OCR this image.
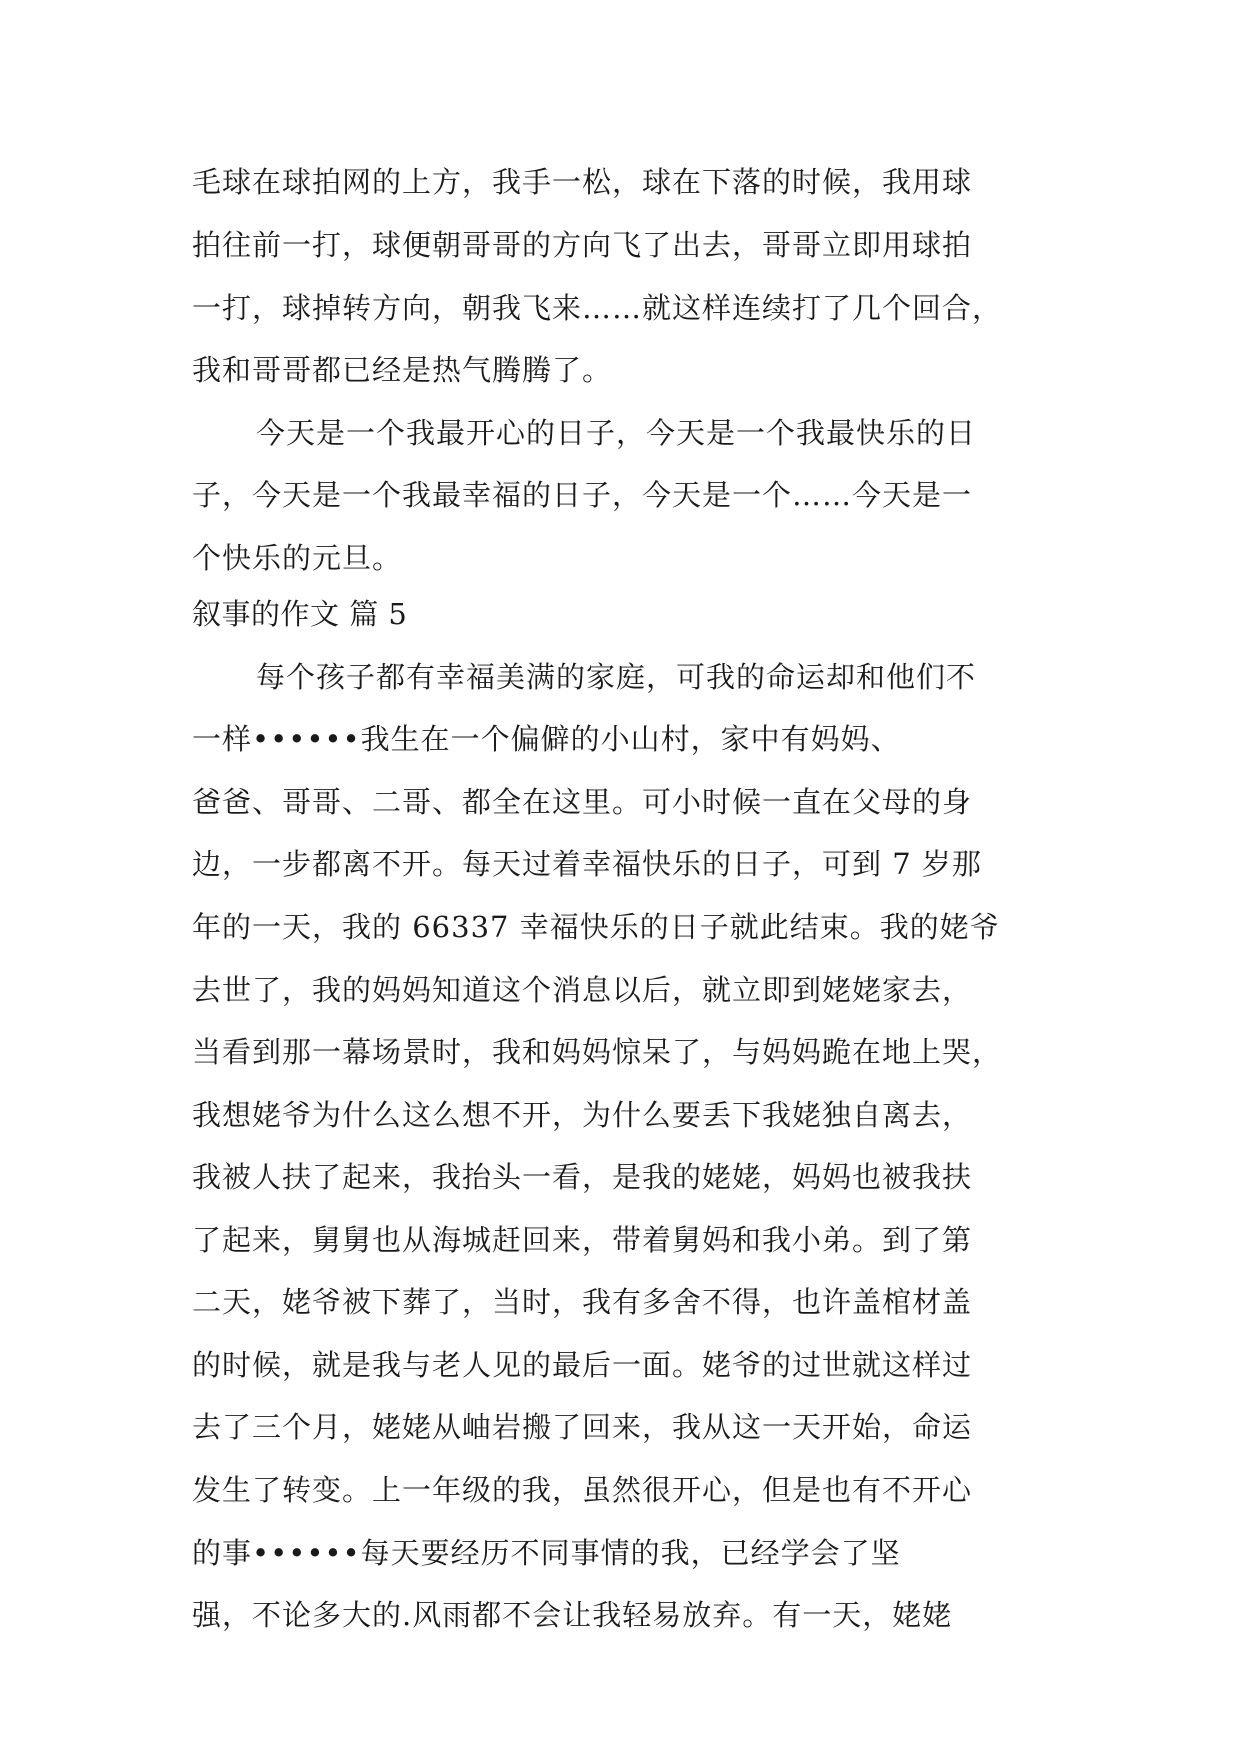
毛球在球拍网的上方，我手一松，球在下落的时候，我用球
拍往前一打，球便朝哥哥的方向飞了出去，哥哥立即用球拍
一打，球掉转方向，朝我飞来……就这样连续打了几个回合，
我和哥哥都已经是热气腾腾了。
今天是一个我最开心的日子，今天是一个我最快乐的日
子，今天是一个我最幸福的日子，今天是一个……今天是一
个快乐的元旦。
叙事的作文 篇 5
每个孩子都有幸福美满的家庭，可我的命运却和他们不
一样••••••我生在一个偏僻的小山村，家中有妈妈、
爸爸、哥哥、二哥、都全在这里。可小时候一直在父母的身
边，一步都离不开。每天过着幸福快乐的日子，可到 7 岁那
年的一天，我的 66337 幸福快乐的日子就此结束。我的姥爷
去世了，我的妈妈知道这个消息以后，就立即到姥姥家去，
当看到那一幕场景时，我和妈妈惊呆了，与妈妈跪在地上哭，
我想姥爷为什么这么想不开，为什么要丢下我姥独自离去，
我被人扶了起来，我抬头一看，是我的姥姥，妈妈也被我扶
了起来，舅舅也从海城赶回来，带着舅妈和我小弟。到了第
二天，姥爷被下葬了，当时，我有多舍不得，也许盖棺材盖
的时候，就是我与老人见的最后一面。姥爷的过世就这样过
去了三个月，姥姥从岫岩搬了回来，我从这一天开始，命运
发生了转变。上一年级的我，虽然很开心，但是也有不开心
的事••••••每天要经历不同事情的我，已经学会了坚
强，不论多大的.风雨都不会让我轻易放弃。有一天，姥姥
